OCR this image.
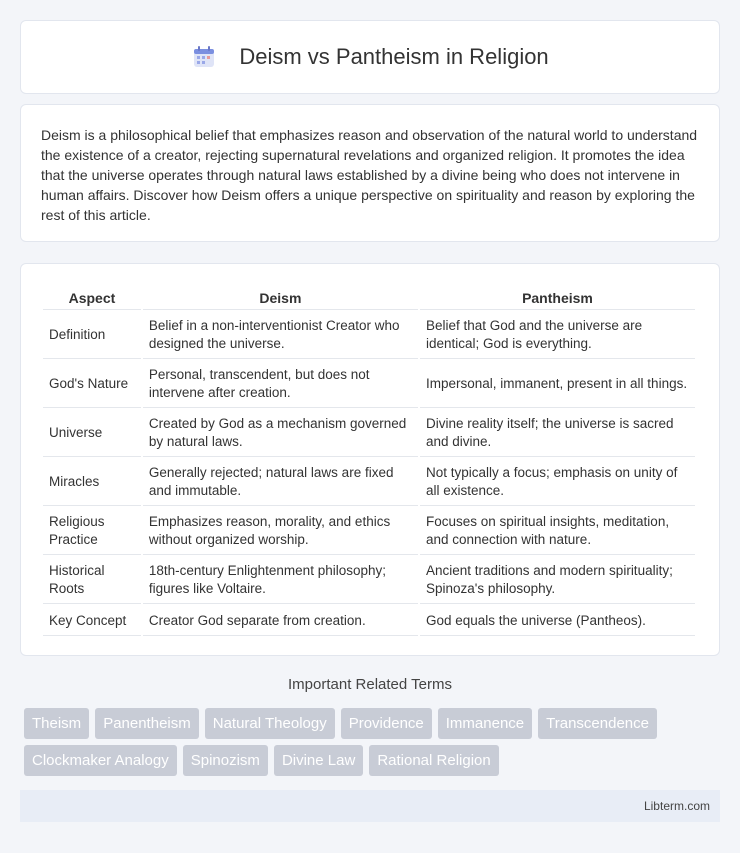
Deism vs Pantheism in Religion

Deism is a philosophical belief that emphasizes reason and observation of the natural world to understand the existence of a creator, rejecting supernatural revelations and organized religion. It promotes the idea that the universe operates through natural laws established by a divine being who does not intervene in human affairs. Discover how Deism offers a unique perspective on spirituality and reason by exploring the rest of this article.

Aspect	Deism	Pantheism
Definition	Belief in a non-interventionist Creator who designed the universe.	Belief that God and the universe are identical; God is everything.
God's Nature	Personal, transcendent, but does not intervene after creation.	Impersonal, immanent, present in all things.
Universe	Created by God as a mechanism governed by natural laws.	Divine reality itself; the universe is sacred and divine.
Miracles	Generally rejected; natural laws are fixed and immutable.	Not typically a focus; emphasis on unity of all existence.
Religious Practice	Emphasizes reason, morality, and ethics without organized worship.	Focuses on spiritual insights, meditation, and connection with nature.
Historical Roots	18th-century Enlightenment philosophy; figures like Voltaire.	Ancient traditions and modern spirituality; Spinoza's philosophy.
Key Concept	Creator God separate from creation.	God equals the universe (Pantheos).
Important Related Terms
Theism	Panentheism	Natural Theology	Providence	Immanence	Transcendence
Clockmaker Analogy	Spinozism	Divine Law	Rational Religion
Libterm.com
